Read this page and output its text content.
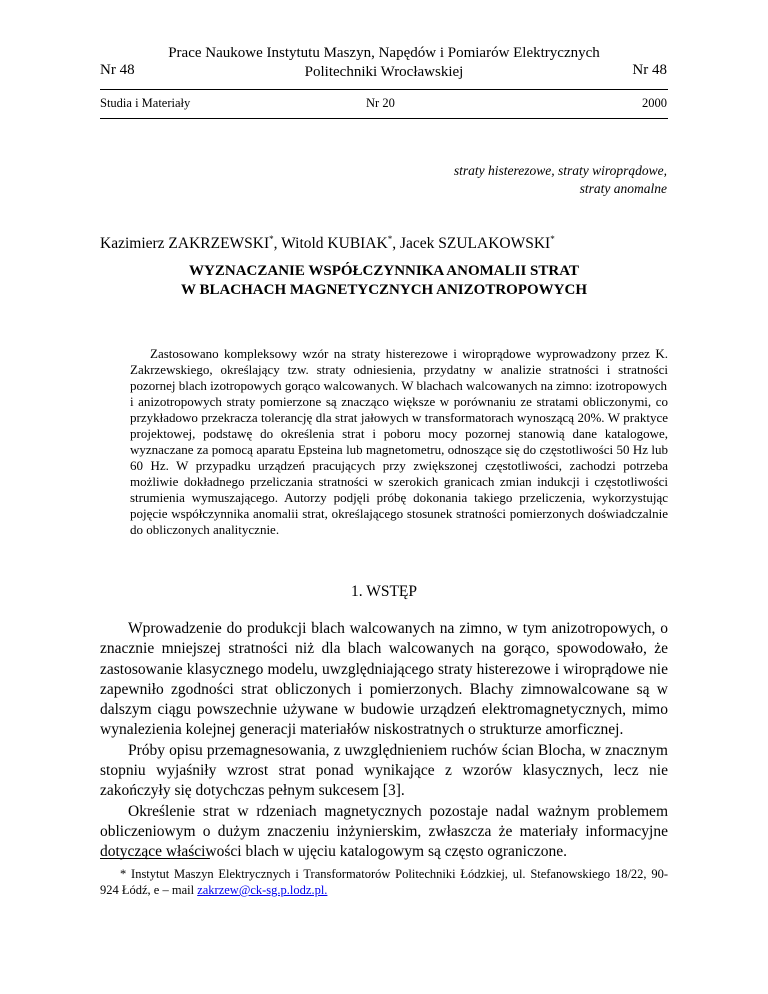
Nr 48
Prace Naukowe Instytutu Maszyn, Napędów i Pomiarów Elektrycznych
Politechniki Wrocławskiej	Nr 48
Studia i Materiały	Nr 20	2000
straty histerezowe, straty wiroprądowe,
straty anomalne
Kazimierz ZAKRZEWSKI*, Witold KUBIAK*, Jacek SZULAKOWSKI*
WYZNACZANIE WSPÓŁCZYNNIKA ANOMALII STRAT
W BLACHACH MAGNETYCZNYCH ANIZOTROPOWYCH

Zastosowano kompleksowy wzór na straty histerezowe i wiroprądowe wyprowadzony przez K. Zakrzewskiego, określający tzw. straty odniesienia, przydatny w analizie stratności i stratności pozornej blach izotropowych gorąco walcowanych. W blachach walcowanych na zimno: izotropowych

i anizotropowych straty pomierzone są znacząco większe w porównaniu ze stratami obliczonymi, co przykładowo przekracza tolerancję dla strat jałowych w transformatorach wynoszącą 20%. W praktyce projektowej, podstawę do określenia strat i poboru mocy pozornej stanowią dane katalogowe, wyznaczane za pomocą aparatu Epsteina lub magnetometru, odnoszące się do częstotliwości 50 Hz lub 60 Hz. W przypadku urządzeń pracujących przy zwiększonej częstotliwości, zachodzi potrzeba możliwie dokładnego przeliczania stratności w szerokich granicach zmian indukcji i częstotliwości strumienia wymuszającego. Autorzy podjęli próbę dokonania takiego przeliczenia, wykorzystując pojęcie współczynnika anomalii strat, określającego stosunek stratności pomierzonych doświadczalnie do obliczonych analitycznie.

1. WSTĘP

Wprowadzenie do produkcji blach walcowanych na zimno, w tym anizotropowych, o znacznie mniejszej stratności niż dla blach walcowanych na gorąco, spowodowało, że zastosowanie klasycznego modelu, uwzględniającego straty histerezowe i wiroprądowe nie zapewniło zgodności strat obliczonych i pomierzonych. Blachy zimnowalcowane są w dalszym ciągu powszechnie używane w budowie urządzeń elektromagnetycznych, mimo wynalezienia kolejnej generacji materiałów niskostratnych o strukturze amorficznej.

Próby opisu przemagnesowania, z uwzględnieniem ruchów ścian Blocha, w znacznym stopniu wyjaśniły wzrost strat ponad wynikające z wzorów klasycznych, lecz nie zakończyły się dotychczas pełnym sukcesem [3].

Określenie strat w rdzeniach magnetycznych pozostaje nadal ważnym problemem obliczeniowym o dużym znaczeniu inżynierskim, zwłaszcza że materiały informacyjne dotyczące właściwości blach w ujęciu katalogowym są często ograniczone.

* Instytut Maszyn Elektrycznych i Transformatorów Politechniki Łódzkiej, ul. Stefanowskiego 18/22, 90-924 Łódź, e – mail zakrzew@ck-sg.p.lodz.pl.
